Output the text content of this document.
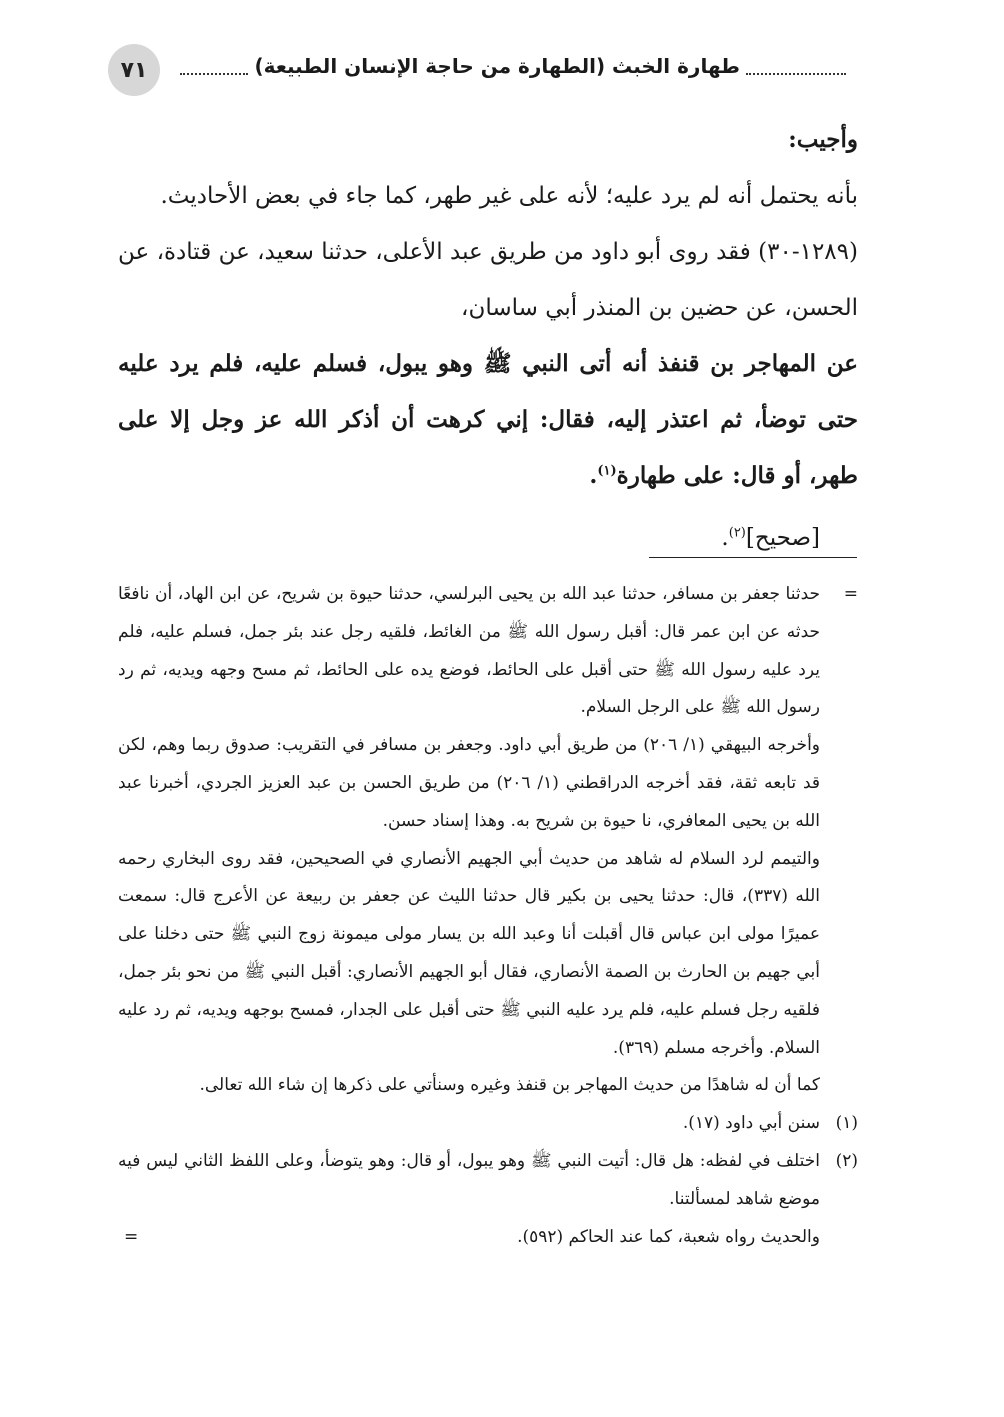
٧١	طهارة الخبث (الطهارة من حاجة الإنسان الطبيعة)

وأجيب:

بأنه يحتمل أنه لم يرد عليه؛ لأنه على غير طهر، كما جاء في بعض الأحاديث.

(١٢٨٩-٣٠) فقد روى أبو داود من طريق عبد الأعلى، حدثنا سعيد، عن قتادة، عن الحسن، عن حضين بن المنذر أبي ساسان،

عن المهاجر بن قنفذ أنه أتى النبي ﷺ وهو يبول، فسلم عليه، فلم يرد عليه حتى توضأ، ثم اعتذر إليه، فقال: إني كرهت أن أذكر الله عز وجل إلا على طهر، أو قال: على طهارة$^{(١)}$.

[صحيح]$^{(٢)}$.

=
حدثنا جعفر بن مسافر، حدثنا عبد الله بن يحيى البرلسي، حدثنا حيوة بن شريح، عن ابن الهاد، أن نافعًا حدثه عن ابن عمر قال: أقبل رسول الله ﷺ من الغائط، فلقيه رجل عند بئر جمل، فسلم عليه، فلم يرد عليه رسول الله ﷺ حتى أقبل على الحائط، فوضع يده على الحائط، ثم مسح وجهه ويديه، ثم رد رسول الله ﷺ على الرجل السلام.

وأخرجه البيهقي (١/ ٢٠٦) من طريق أبي داود. وجعفر بن مسافر في التقريب: صدوق ربما وهم، لكن قد تابعه ثقة، فقد أخرجه الدراقطني (١/ ٢٠٦) من طريق الحسن بن عبد العزيز الجردي، أخبرنا عبد الله بن يحيى المعافري، نا حيوة بن شريح به. وهذا إسناد حسن.

والتيمم لرد السلام له شاهد من حديث أبي الجهيم الأنصاري في الصحيحين، فقد روى البخاري رحمه الله (٣٣٧)، قال: حدثنا يحيى بن بكير قال حدثنا الليث عن جعفر بن ربيعة عن الأعرج قال: سمعت عميرًا مولى ابن عباس قال أقبلت أنا وعبد الله بن يسار مولى ميمونة زوج النبي ﷺ حتى دخلنا على أبي جهيم بن الحارث بن الصمة الأنصاري، فقال أبو الجهيم الأنصاري: أقبل النبي ﷺ من نحو بئر جمل، فلقيه رجل فسلم عليه، فلم يرد عليه النبي ﷺ حتى أقبل على الجدار، فمسح بوجهه ويديه، ثم رد عليه السلام. وأخرجه مسلم (٣٦٩).

كما أن له شاهدًا من حديث المهاجر بن قنفذ وغيره وسنأتي على ذكرها إن شاء الله تعالى.

(١)
سنن أبي داود (١٧).

(٢)
اختلف في لفظه: هل قال: أتيت النبي ﷺ وهو يبول، أو قال: وهو يتوضأ، وعلى اللفظ الثاني ليس فيه موضع شاهد لمسألتنا.

والحديث رواه شعبة، كما عند الحاكم (٥٩٢).
=
